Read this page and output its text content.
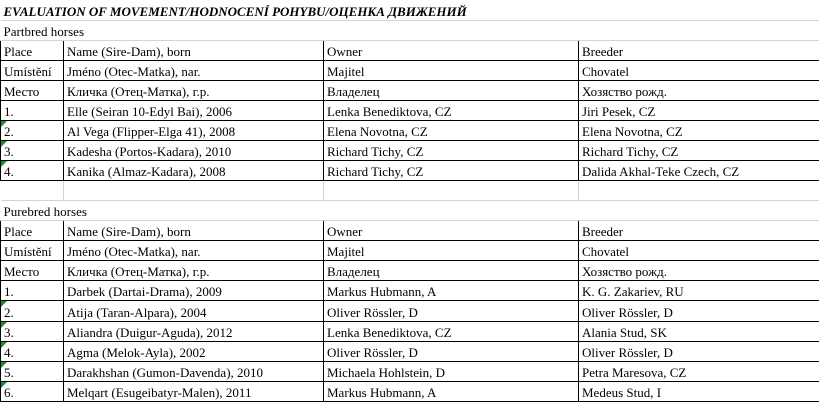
EVALUATION OF MOVEMENT/HODNOCENÍ POHYBU/ОЦЕНКА ДВИЖЕНИЙ			
Partbred horses			
Place	Name (Sire-Dam), born	Owner	Breeder
Umístění	Jméno (Otec-Matka), nar.	Majitel	Chovatel
Место	Кличка (Отец-Матка), г.р.	Владелец	Хозяство рожд.
1.	Elle (Seiran 10-Edyl Bai), 2006	Lenka Benediktova, CZ	Jiri Pesek, CZ
2.	Al Vega (Flipper-Elga 41), 2008	Elena Novotna, CZ	Elena Novotna, CZ
3.	Kadesha (Portos-Kadara), 2010	Richard Tichy, CZ	Richard Tichy, CZ
4.	Kanika (Almaz-Kadara), 2008	Richard Tichy, CZ	Dalida Akhal-Teke Czech, CZ

Purebred horses			
Place	Name (Sire-Dam), born	Owner	Breeder
Umístění	Jméno (Otec-Matka), nar.	Majitel	Chovatel
Место	Кличка (Отец-Матка), г.р.	Владелец	Хозяство рожд.
1.	Darbek (Dartai-Drama), 2009	Markus Hubmann, A	K. G. Zakariev, RU
2.	Atija (Taran-Alpara), 2004	Oliver Rössler, D	Oliver Rössler, D
3.	Aliandra (Duigur-Aguda), 2012	Lenka Benediktova, CZ	Alania Stud, SK
4.	Agma (Melok-Ayla), 2002	Oliver Rössler, D	Oliver Rössler, D
5.	Darakhshan (Gumon-Davenda), 2010	Michaela Hohlstein, D	Petra Maresova, CZ
6.	Melqart (Esugeibatyr-Malen), 2011	Markus Hubmann, A	Medeus Stud, I
